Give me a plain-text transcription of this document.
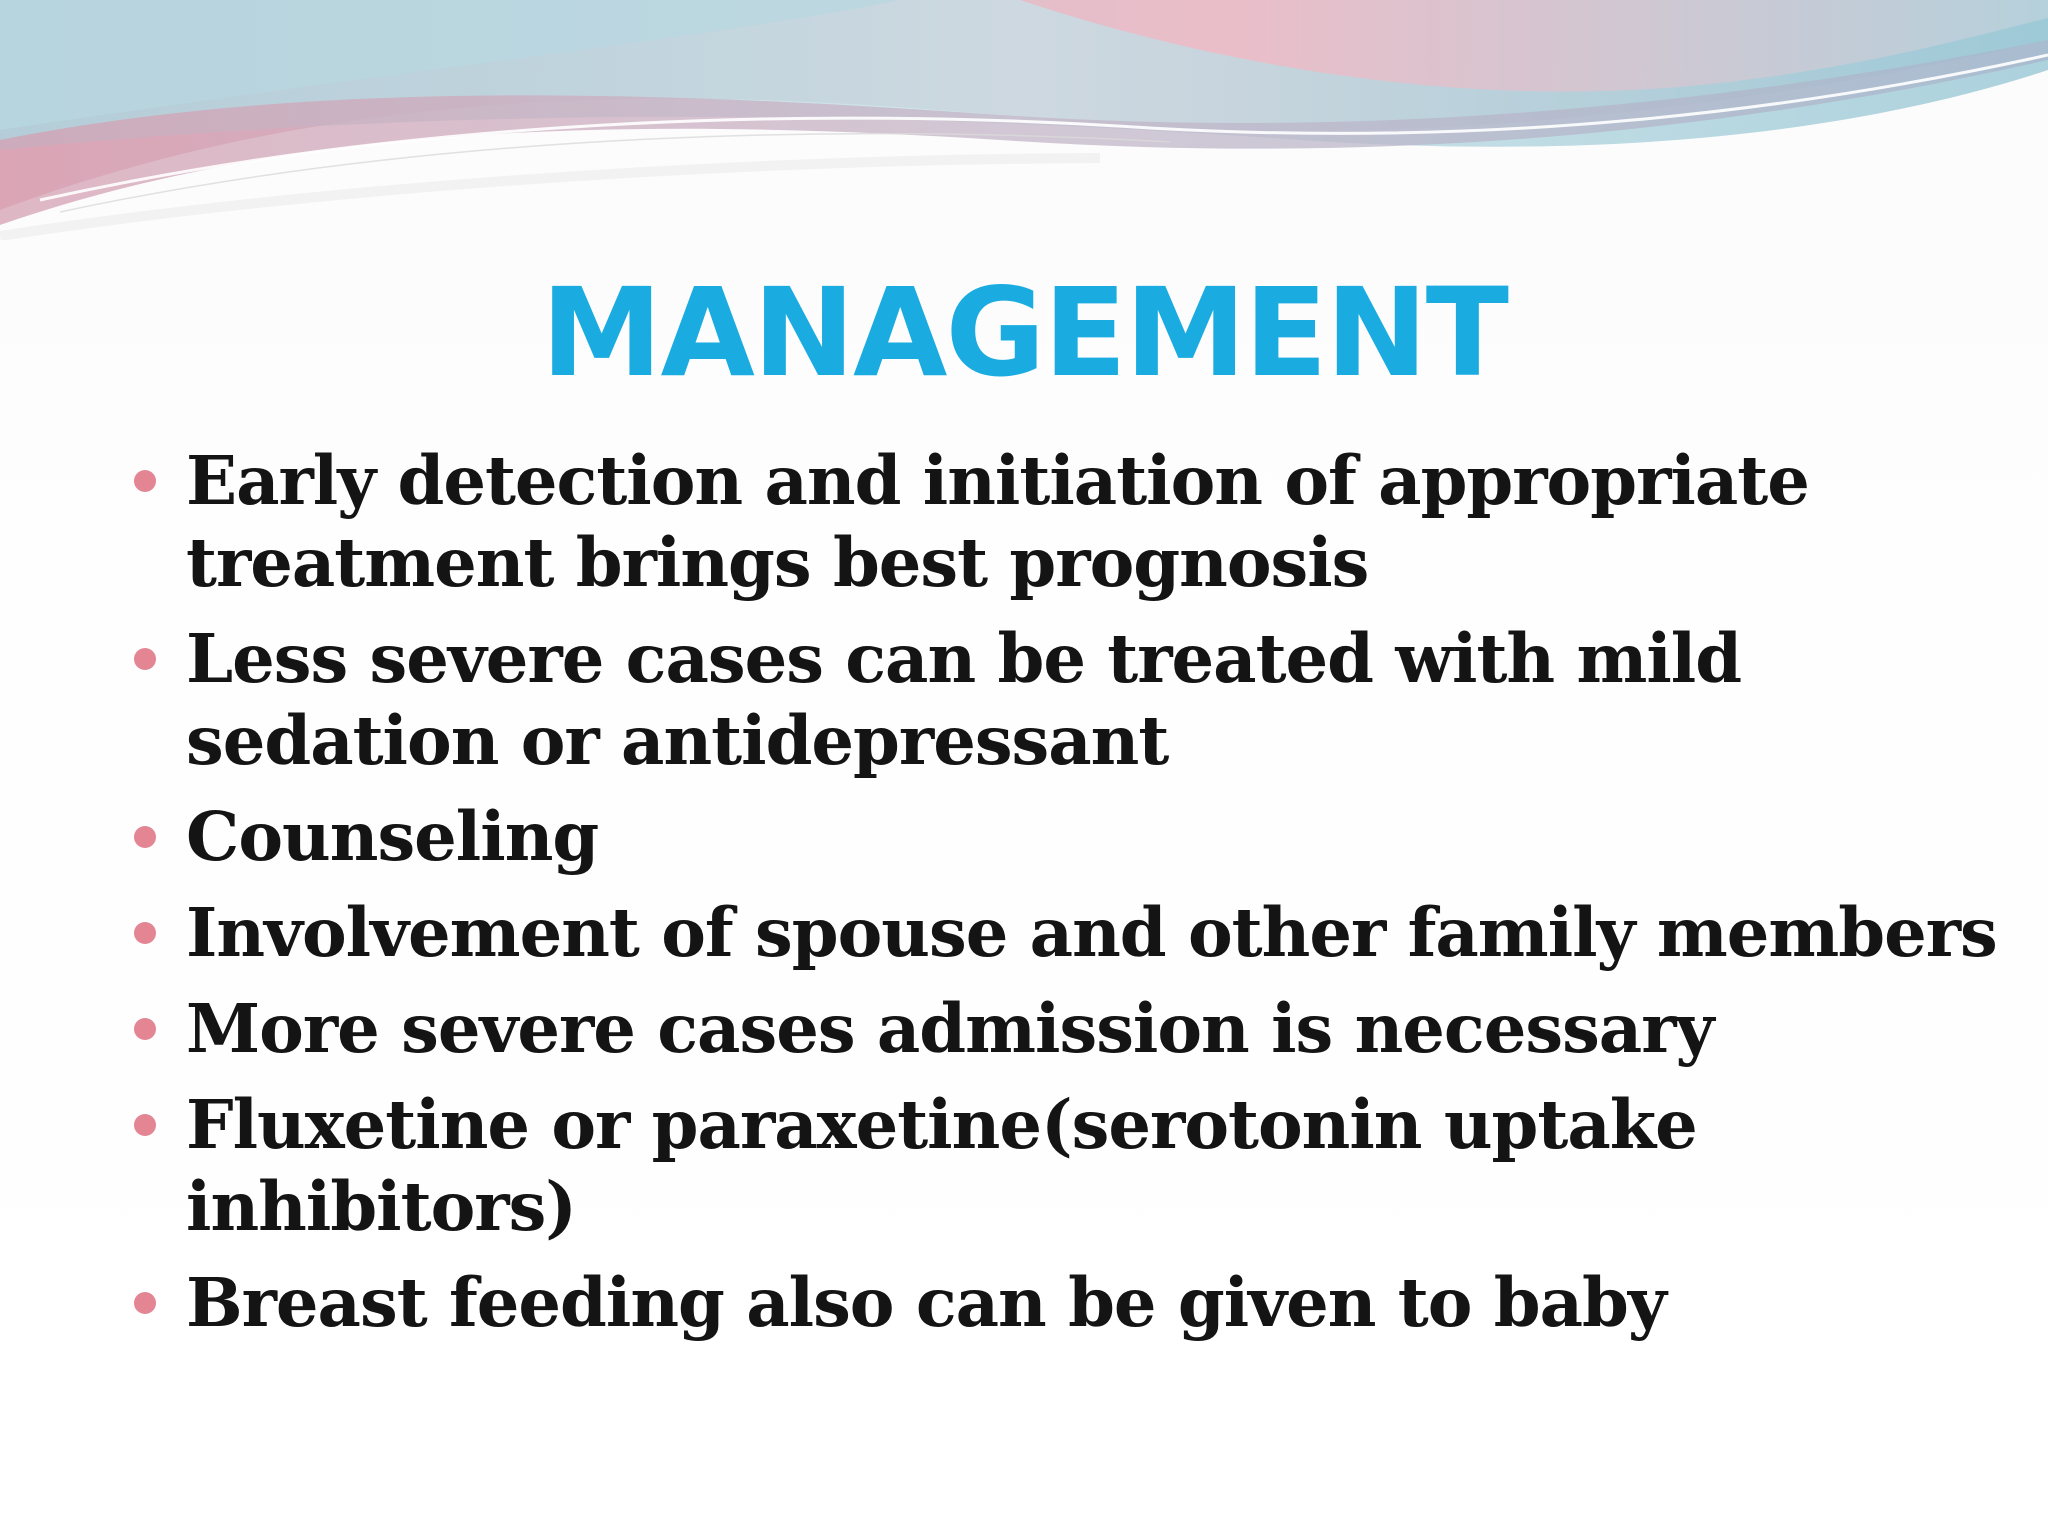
MANAGEMENT
Early detection and initiation of appropriate treatment brings best prognosis
Less severe cases can be treated with mild sedation or antidepressant
Counseling
Involvement of spouse and other family members
More severe cases admission is necessary
Fluxetine or paraxetine(serotonin uptake inhibitors)
Breast feeding also can be given to baby
